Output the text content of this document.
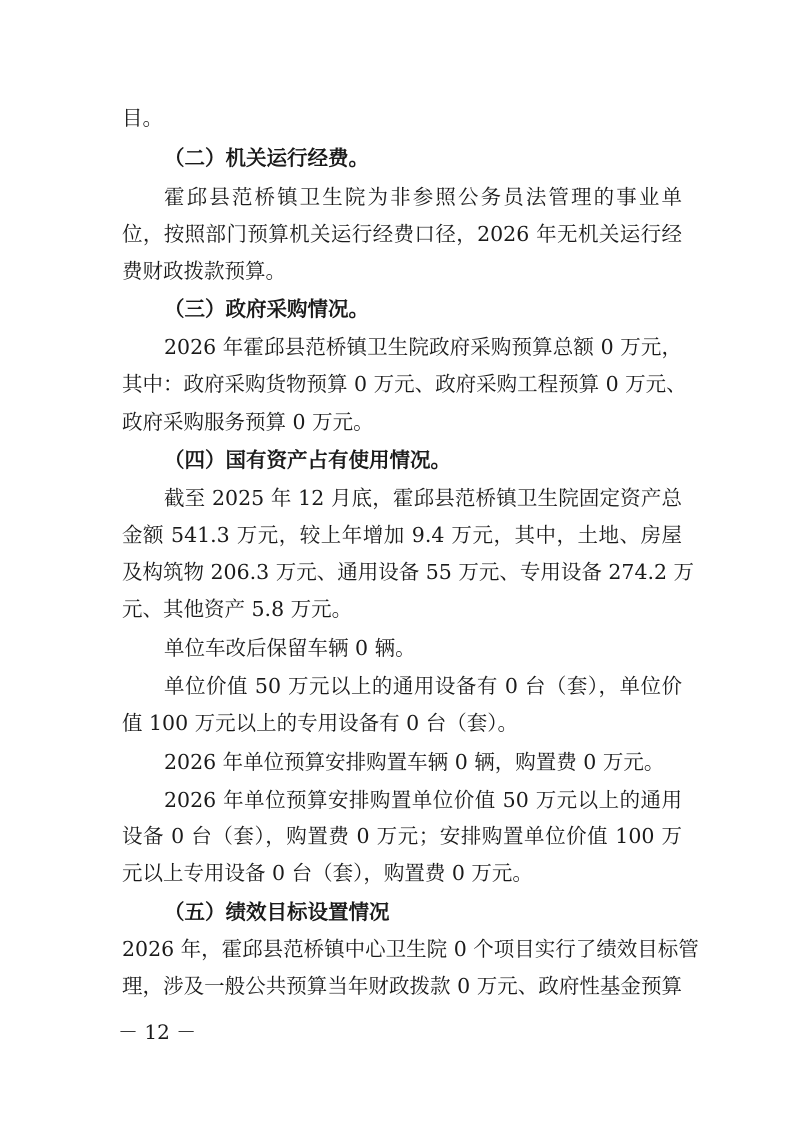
目。
（二）机关运行经费。
霍邱县范桥镇卫生院为非参照公务员法管理的事业单
位，按照部门预算机关运行经费口径，2026 年无机关运行经
费财政拨款预算。
（三）政府采购情况。
2026 年霍邱县范桥镇卫生院政府采购预算总额 0 万元，
其中：政府采购货物预算 0 万元、政府采购工程预算 0 万元、
政府采购服务预算 0 万元。
（四）国有资产占有使用情况。
截至 2025 年 12 月底，霍邱县范桥镇卫生院固定资产总
金额 541.3 万元，较上年增加 9.4 万元，其中，土地、房屋
及构筑物 206.3 万元、通用设备 55 万元、专用设备 274.2 万
元、其他资产 5.8 万元。
单位车改后保留车辆 0 辆。
单位价值 50 万元以上的通用设备有 0 台（套），单位价
值 100 万元以上的专用设备有 0 台（套）。
2026 年单位预算安排购置车辆 0 辆，购置费 0 万元。
2026 年单位预算安排购置单位价值 50 万元以上的通用
设备 0 台（套），购置费 0 万元；安排购置单位价值 100 万
元以上专用设备 0 台（套），购置费 0 万元。
（五）绩效目标设置情况
2026 年，霍邱县范桥镇中心卫生院 0 个项目实行了绩效目标管
理，涉及一般公共预算当年财政拨款 0 万元、政府性基金预算
－ 12 －
